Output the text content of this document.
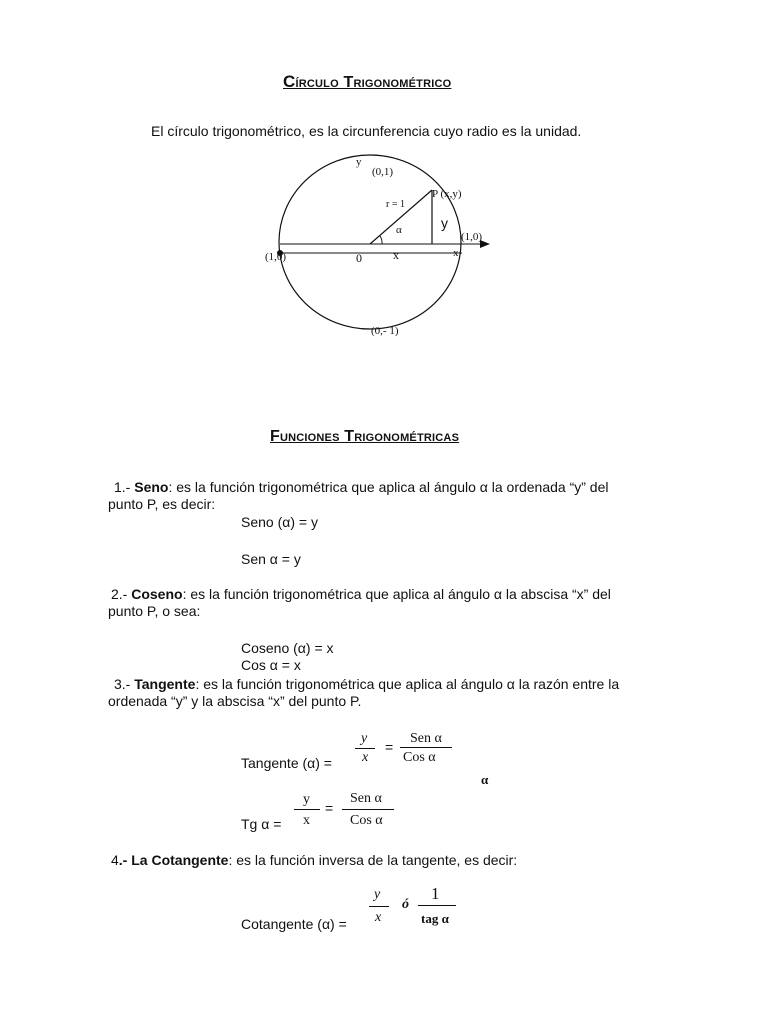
Círculo Trigonométrico
El círculo trigonométrico, es la circunferencia cuyo radio es la unidad.
y
(0,1)
P (x,y)
r = 1
y
α
(1,0)
(1,0)	0	x	x
(0,- 1)
Funciones Trigonométricas
1.- Seno: es la función trigonométrica que aplica al ángulo α la ordenada “y” del
punto P, es decir:
Seno (α) = y
Sen α = y
2.- Coseno: es la función trigonométrica que aplica al ángulo α la abscisa “x” del
punto P, o sea:
Coseno (α) = x
Cos α = x
3.- Tangente: es la función trigonométrica que aplica al ángulo α la razón entre la
ordenada “y” y la abscisa “x” del punto P.
Tangente (α) =
y
x
=
Sen α
Cos α
α
Tg α =
y
x
=
Sen α
Cos α
4.- La Cotangente: es la función inversa de la tangente, es decir:
Cotangente (α) =
y
x
ó
1
tag α
